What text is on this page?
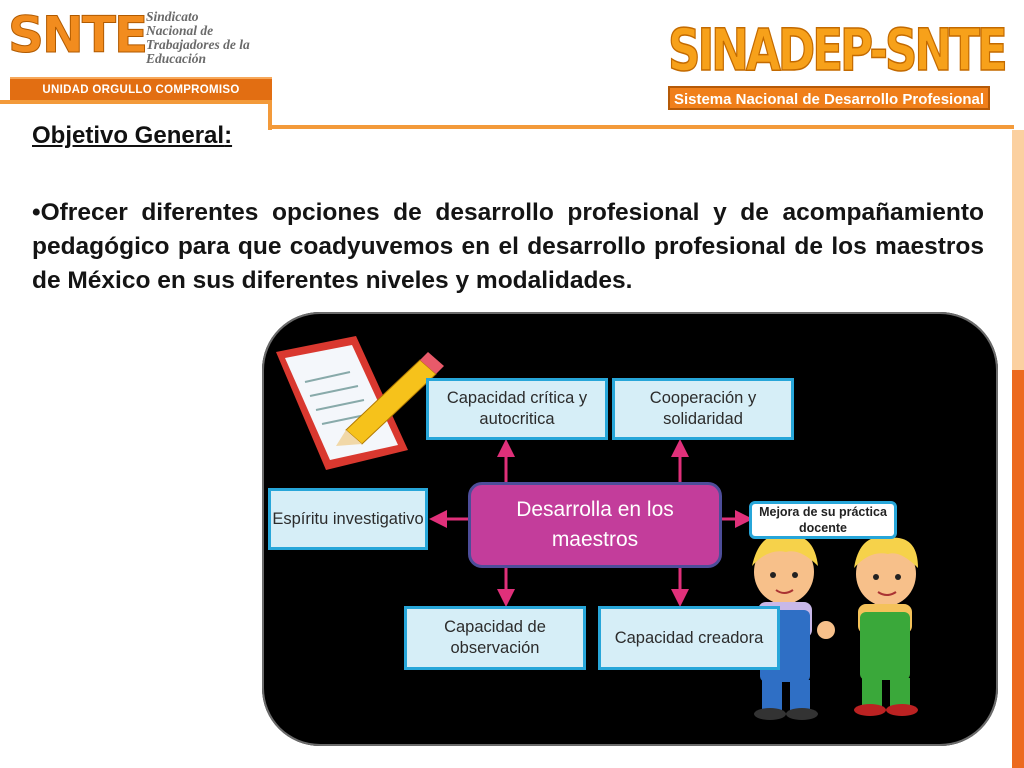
SNTE Sindicato
Nacional de
Trabajadores de la
Educación
UNIDAD ORGULLO COMPROMISO
SINADEP-SNTE
Sistema Nacional de Desarrollo Profesional
Objetivo General:
•Ofrecer diferentes opciones de desarrollo profesional y de acompañamiento pedagógico para que coadyuvemos en el desarrollo profesional de los maestros de México en sus diferentes niveles y modalidades.
Capacidad crítica y autocritica
Cooperación y solidaridad
Espíritu investigativo
Capacidad de observación
Capacidad creadora
Desarrolla en los maestros
Mejora de su práctica docente
